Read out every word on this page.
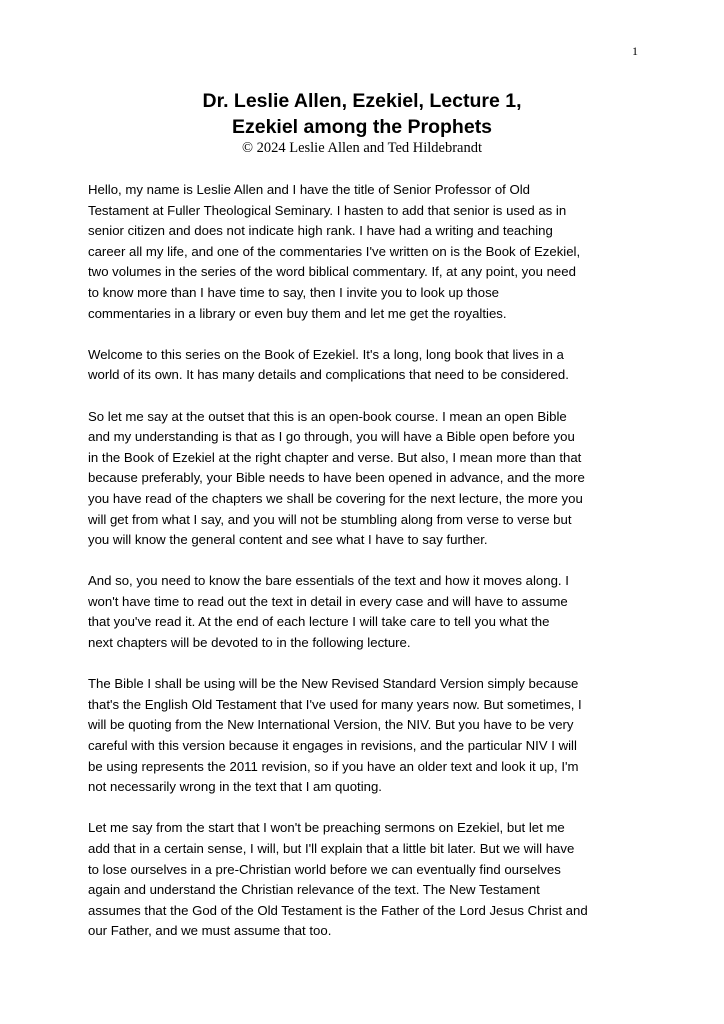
1

Dr. Leslie Allen, Ezekiel, Lecture 1,

Ezekiel among the Prophets

© 2024 Leslie Allen and Ted Hildebrandt

Hello, my name is Leslie Allen and I have the title of Senior Professor of Old
Testament at Fuller Theological Seminary. I hasten to add that senior is used as in
senior citizen and does not indicate high rank. I have had a writing and teaching
career all my life, and one of the commentaries I've written on is the Book of Ezekiel,
two volumes in the series of the word biblical commentary. If, at any point, you need
to know more than I have time to say, then I invite you to look up those
commentaries in a library or even buy them and let me get the royalties.

Welcome to this series on the Book of Ezekiel. It's a long, long book that lives in a
world of its own. It has many details and complications that need to be considered.

So let me say at the outset that this is an open-book course. I mean an open Bible
and my understanding is that as I go through, you will have a Bible open before you
in the Book of Ezekiel at the right chapter and verse. But also, I mean more than that
because preferably, your Bible needs to have been opened in advance, and the more
you have read of the chapters we shall be covering for the next lecture, the more you
will get from what I say, and you will not be stumbling along from verse to verse but
you will know the general content and see what I have to say further.

And so, you need to know the bare essentials of the text and how it moves along. I
won't have time to read out the text in detail in every case and will have to assume
that you've read it. At the end of each lecture I will take care to tell you what the
next chapters will be devoted to in the following lecture.

The Bible I shall be using will be the New Revised Standard Version simply because
that's the English Old Testament that I've used for many years now. But sometimes, I
will be quoting from the New International Version, the NIV. But you have to be very
careful with this version because it engages in revisions, and the particular NIV I will
be using represents the 2011 revision, so if you have an older text and look it up, I'm
not necessarily wrong in the text that I am quoting.

Let me say from the start that I won't be preaching sermons on Ezekiel, but let me
add that in a certain sense, I will, but I'll explain that a little bit later. But we will have
to lose ourselves in a pre-Christian world before we can eventually find ourselves
again and understand the Christian relevance of the text. The New Testament
assumes that the God of the Old Testament is the Father of the Lord Jesus Christ and
our Father, and we must assume that too.
